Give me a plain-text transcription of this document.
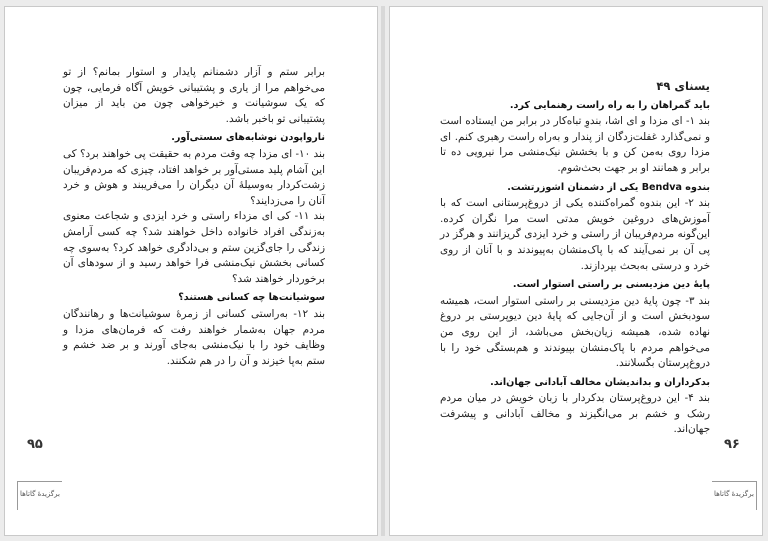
برابر ستم و آزار دشمنانم پایدار و استوار بمانم؟ از تو می‌خواهم مرا از یاری و پشتیبانی خویش آگاه فرمایی، چون که یک سوشیانت و خیرخواهی چون من باید از میزان پشتیبانی تو باخبر باشد.

نارواپودن نوشابه‌های سستی‌آور.

بند ۱۰- ای مزدا چه وقت مردم به حقیقت پی خواهند برد؟ کی این آشام پلید مستی‌آور بر خواهد افتاد، چیزی که مردم‌فریبان زشت‌کردار به‌وسیلهٔ آن دیگران را می‌فریبند و هوش و خرد آنان را می‌زدایند؟

بند ۱۱- کی ای مزداء راستی و خرد ایزدی و شجاعت معنوی به‌زندگی افراد خانواده داخل خواهند شد؟ چه کسی آرامش زندگی را جای‌گزین ستم و بی‌دادگری خواهد کرد؟ به‌سوی چه کسانی بخشش نیک‌منشی فرا خواهد رسید و از سودهای آن برخوردار خواهند شد؟

سوشیانت‌ها چه کسانی هستند؟

بند ۱۲- به‌راستی کسانی از زمرهٔ سوشیانت‌ها و رهانندگان مردم جهان به‌شمار خواهند رفت که فرمان‌های مزدا و وظایف خود را با نیک‌منشی به‌جای آورند و بر ضد خشم و ستم به‌پا خیزند و آن را در هم شکنند.

۹۵
برگزیدهٔ گاتاها

یسنای ۴۹

باید گمراهان را به راه راست رهنمایی کرد.

بند ۱- ای مزدا و ای اشا، بندوِ تباه‌کار در برابر من ایستاده است و نمی‌گذارد غفلت‌زدگان از پندار و به‌راه راست رهبری کنم. ای مزدا روی به‌من کن و با بخشش نیک‌منشی مرا نیرویی ده تا برابر و همانند او بر جهت بحث‌شوم.

بندوه Bendva یکی از دشمنان اشوزرتشت.

بند ۲- این بندوه گمراه‌کننده یکی از دروغ‌پرستانی است که با آموزش‌های دروغین خویش مدتی است مرا نگران کرده. این‌گونه مردم‌فریبان از راستی و خرد ایزدی گریزانند و هرگز در پی آن بر نمی‌آیند که با پاک‌منشان به‌پیوندند و با آنان از روی خرد و درستی به‌بحث بپردازند.

پایهٔ دین مزدیسنی بر راستی استوار است.

بند ۳- چون پایهٔ دین مزدیسنی بر راستی استوار است، همیشه سودبخش است و از آن‌جایی که پایهٔ دین دیوپرستی بر دروغ نهاده شده، همیشه زیان‌بخش می‌باشد، از این روی من می‌خواهم مردم با پاک‌منشان بپیوندند و هم‌بستگی خود را با دروغ‌پرستان بگسلانند.

بدکرداران و بداندیشان مخالف آبادانی جهان‌اند.

بند ۴- این دروغ‌پرستان بدکردار با زبان خویش در میان مردم رشک و خشم بر می‌انگیزند و مخالف آبادانی و پیشرفت جهان‌اند.

۹۶
برگزیدهٔ گاتاها
